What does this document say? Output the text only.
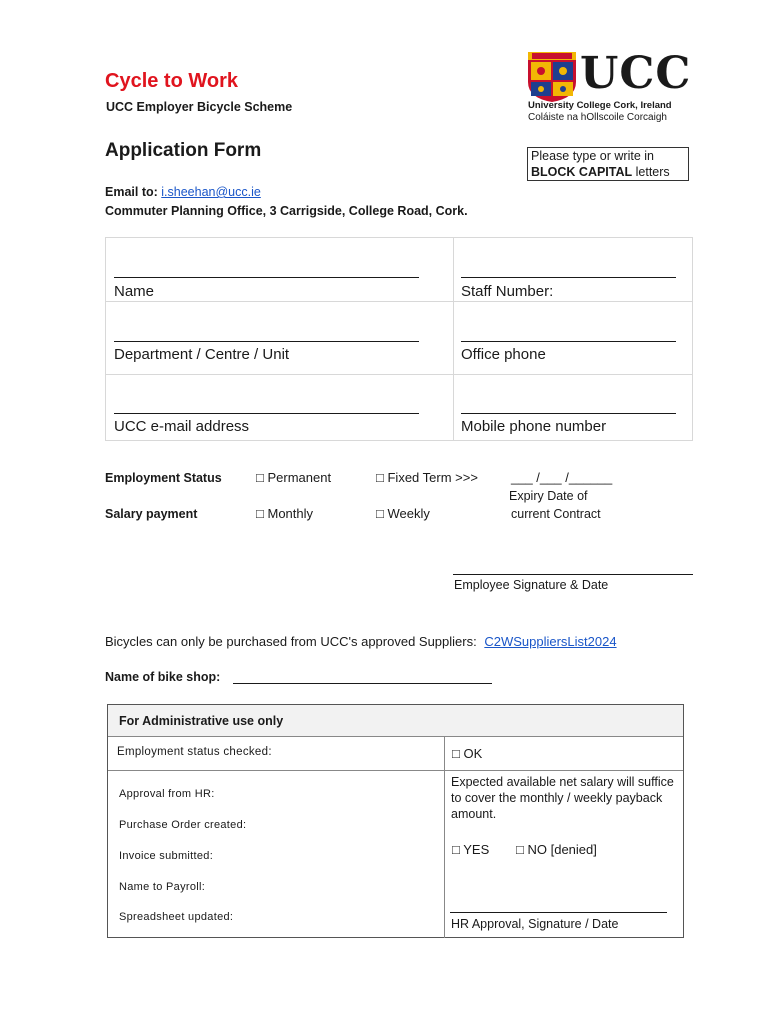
Cycle to Work
UCC Employer Bicycle Scheme
Application Form	Please type or write in
BLOCK CAPITAL letters
Email to: i.sheehan@ucc.ie
Commuter Planning Office, 3 Carrigside, College Road, Cork.
UCC
University College Cork, Ireland
Coláiste na hOllscoile Corcaigh
Name	Staff Number:
Department / Centre / Unit	Office phone
UCC e-mail address	Mobile phone number
Employment Status	□ Permanent	□ Fixed Term >>>	___ /___ /______
Expiry Date of
current Contract
Salary payment	□ Monthly	□ Weekly
Employee Signature & Date
Bicycles can only be purchased from UCC's approved Suppliers: C2WSuppliersList2024
Name of bike shop:
For Administrative use only
Employment status checked:	□ OK
Approval from HR:
Purchase Order created:
Invoice submitted:
Name to Payroll:
Spreadsheet updated:
Expected available net salary will suffice to cover the monthly / weekly payback amount.
□ YES □ NO [denied]
HR Approval, Signature / Date
